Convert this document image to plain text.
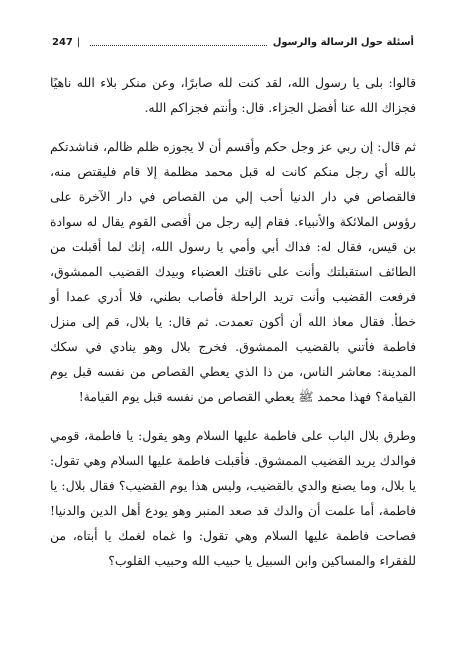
أسئلة حول الرسالة والرسول
|
247

قالوا: بلى يا رسول الله، لقد كنت لله صابرًا، وعن منكر بلاء الله ناهيًا فجزاك الله عنا أفضل الجزاء. قال: وأنتم فجزاكم الله.

ثم قال: إن ربي عز وجل حكم وأقسم أن لا يجوزه ظلم ظالم، فناشدتكم بالله أي رجل منكم كانت له قبل محمد مظلمة إلا قام فليقتص منه، فالقصاص في دار الدنيا أحب إلي من القصاص في دار الآخرة على رؤوس الملائكة والأنبياء. فقام إليه رجل من أقصى القوم يقال له سوادة بن قيس، فقال له: فداك أبي وأمي يا رسول الله، إنك لما أقبلت من الطائف استقبلتك وأنت على ناقتك العضباء وبيدك القضيب الممشوق، فرفعت القضيب وأنت تريد الراحلة فأصاب بطني، فلا أدري عمدا أو خطأ. فقال معاذ الله أن أكون تعمدت. ثم قال: يا بلال، قم إلى منزل فاطمة فأتني بالقضيب الممشوق. فخرج بلال وهو ينادي في سكك المدينة: معاشر الناس، من ذا الذي يعطي القصاص من نفسه قبل يوم القيامة؟ فهذا محمد ﷺ يعطي القصاص من نفسه قبل يوم القيامة!

وطرق بلال الباب على فاطمة عليها السلام وهو يقول: يا فاطمة، قومي فوالدك يريد القضيب الممشوق. فأقبلت فاطمة عليها السلام وهي تقول: يا بلال، وما يصنع والدي بالقضيب، وليس هذا يوم القضيب؟ فقال بلال: يا فاطمة، أما علمت أن والدك قد صعد المنبر وهو يودع أهل الدين والدنيا! فصاحت فاطمة عليها السلام وهي تقول: وا غماه لغمك يا أبتاه، من للفقراء والمساكين وابن السبيل يا حبيب الله وحبيب القلوب؟
